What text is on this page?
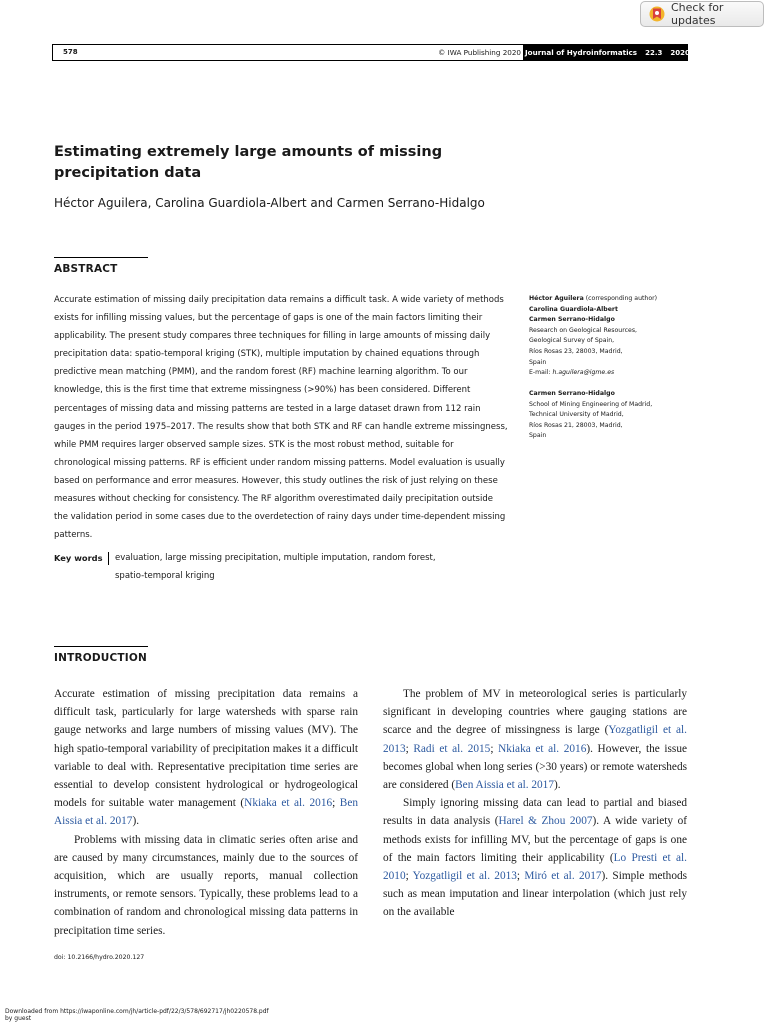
Check for updates
578	© IWA Publishing 2020 Journal of Hydroinformatics 22.3 2020
Estimating extremely large amounts of missing
precipitation data
Héctor Aguilera, Carolina Guardiola-Albert and Carmen Serrano-Hidalgo
ABSTRACT

Accurate estimation of missing daily precipitation data remains a difficult task. A wide variety of methods exists for infilling missing values, but the percentage of gaps is one of the main factors limiting their applicability. The present study compares three techniques for filling in large amounts of missing daily precipitation data: spatio-temporal kriging (STK), multiple imputation by chained equations through predictive mean matching (PMM), and the random forest (RF) machine learning algorithm. To our knowledge, this is the first time that extreme missingness (>90%) has been considered. Different percentages of missing data and missing patterns are tested in a large dataset drawn from 112 rain gauges in the period 1975–2017. The results show that both STK and RF can handle extreme missingness, while PMM requires larger observed sample sizes. STK is the most robust method, suitable for chronological missing patterns. RF is efficient under random missing patterns. Model evaluation is usually based on performance and error measures. However, this study outlines the risk of just relying on these measures without checking for consistency. The RF algorithm overestimated daily precipitation outside the validation period in some cases due to the overdetection of rainy days under time-dependent missing patterns.

Key words	evaluation, large missing precipitation, multiple imputation, random forest, spatio-temporal kriging
Héctor Aguilera (corresponding author)
Carolina Guardiola-Albert
Carmen Serrano-Hidalgo
Research on Geological Resources,
Geological Survey of Spain,
Ríos Rosas 23, 28003, Madrid,
Spain
E-mail: h.aguilera@igme.es
Carmen Serrano-Hidalgo
School of Mining Engineering of Madrid,
Technical University of Madrid,
Ríos Rosas 21, 28003, Madrid,
Spain
INTRODUCTION

Accurate estimation of missing precipitation data remains a difficult task, particularly for large watersheds with sparse rain gauge networks and large numbers of missing values (MV). The high spatio-temporal variability of precipitation makes it a difficult variable to deal with. Representative precipitation time series are essential to develop consistent hydrological or hydrogeological models for suitable water management (Nkiaka et al. 2016; Ben Aissia et al. 2017).

Problems with missing data in climatic series often arise and are caused by many circumstances, mainly due to the sources of acquisition, which are usually reports, manual collection instruments, or remote sensors. Typically, these problems lead to a combination of random and chronological missing data patterns in precipitation time series.

The problem of MV in meteorological series is particularly significant in developing countries where gauging stations are scarce and the degree of missingness is large (Yozgatligil et al. 2013; Radi et al. 2015; Nkiaka et al. 2016). However, the issue becomes global when long series (>30 years) or remote watersheds are considered (Ben Aissia et al. 2017).

Simply ignoring missing data can lead to partial and biased results in data analysis (Harel & Zhou 2007). A wide variety of methods exists for infilling MV, but the percentage of gaps is one of the main factors limiting their applicability (Lo Presti et al. 2010; Yozgatligil et al. 2013; Miró et al. 2017). Simple methods such as mean imputation and linear interpolation (which just rely on the available

doi: 10.2166/hydro.2020.127
Downloaded from https://iwaponline.com/jh/article-pdf/22/3/578/692717/jh0220578.pdf
by guest
